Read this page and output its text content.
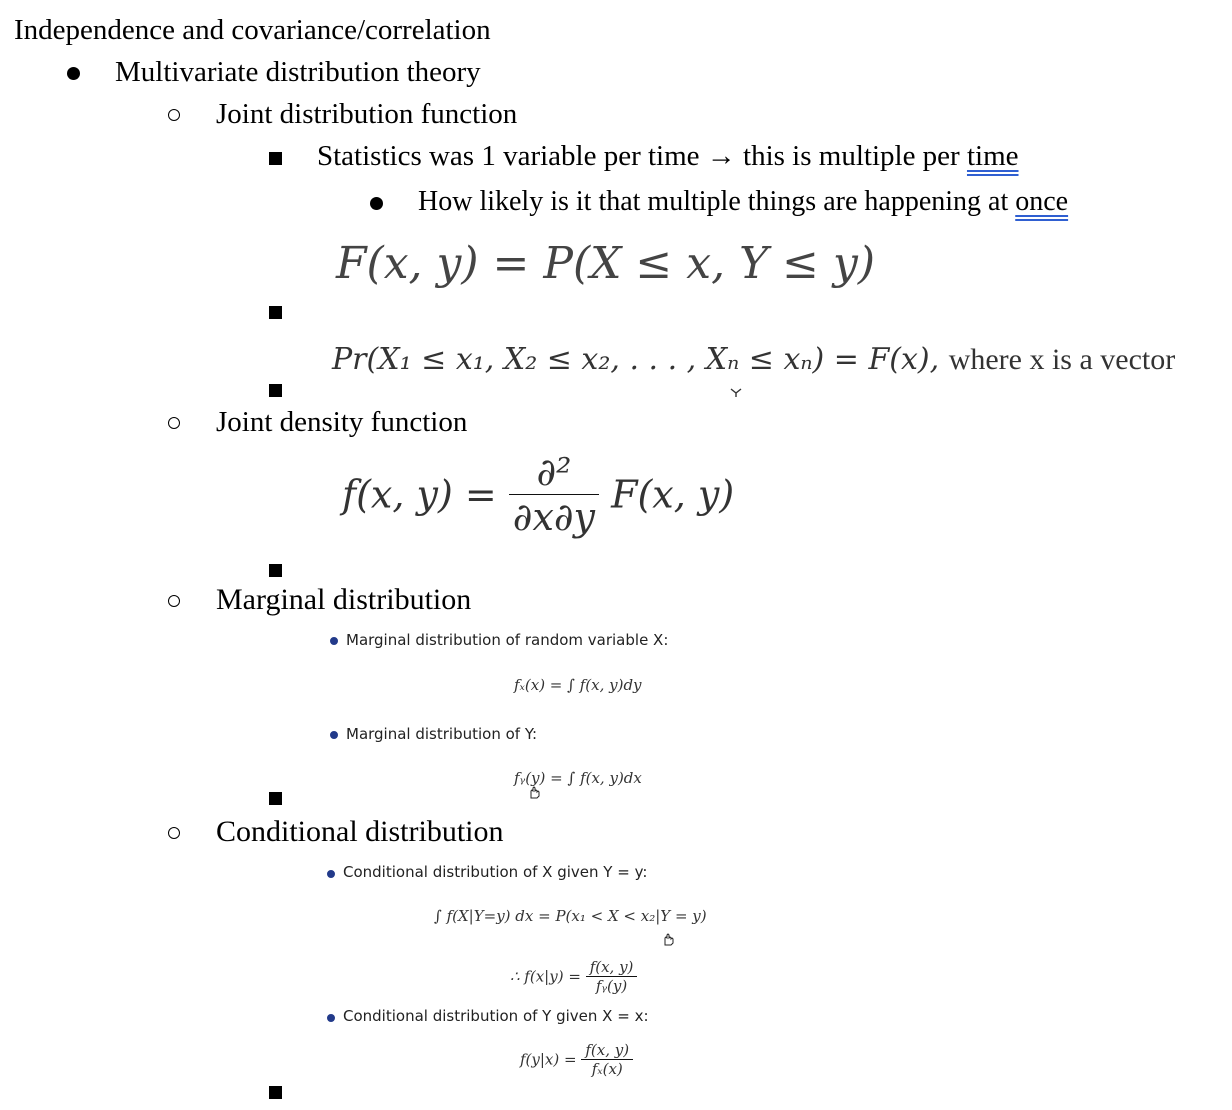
Independence and covariance/correlation
Multivariate distribution theory
Joint distribution function
Statistics was 1 variable per time → this is multiple per time
How likely is it that multiple things are happening at once
F(x, y) = P(X ≤ x, Y ≤ y)
Pr(X₁ ≤ x₁, X₂ ≤ x₂, . . . , Xₙ ≤ xₙ) = F(x), where x is a vector
Joint density function
f(x, $y) = \frac{\text{∂²}}{\partial x\partial y} F(x$, y)
Marginal distribution
Marginal distribution of random variable X:
fₓ(x) = ∫ f(x, y)dy
Marginal distribution of Y:
fᵧ(y) = ∫ f(x, y)dx
Conditional distribution
Conditional distribution of X given Y = y:
∫ f(X|Y=y) dx = P(x₁ < X < x₂|Y = y)
∴ $f(x|y) = \frac{f(x, y)}{\text{fᵧ(y)}}$
Conditional distribution of Y given X = x:
$f(y|x) = \frac{f(x, y)}{\text{fₓ(x)}}$
